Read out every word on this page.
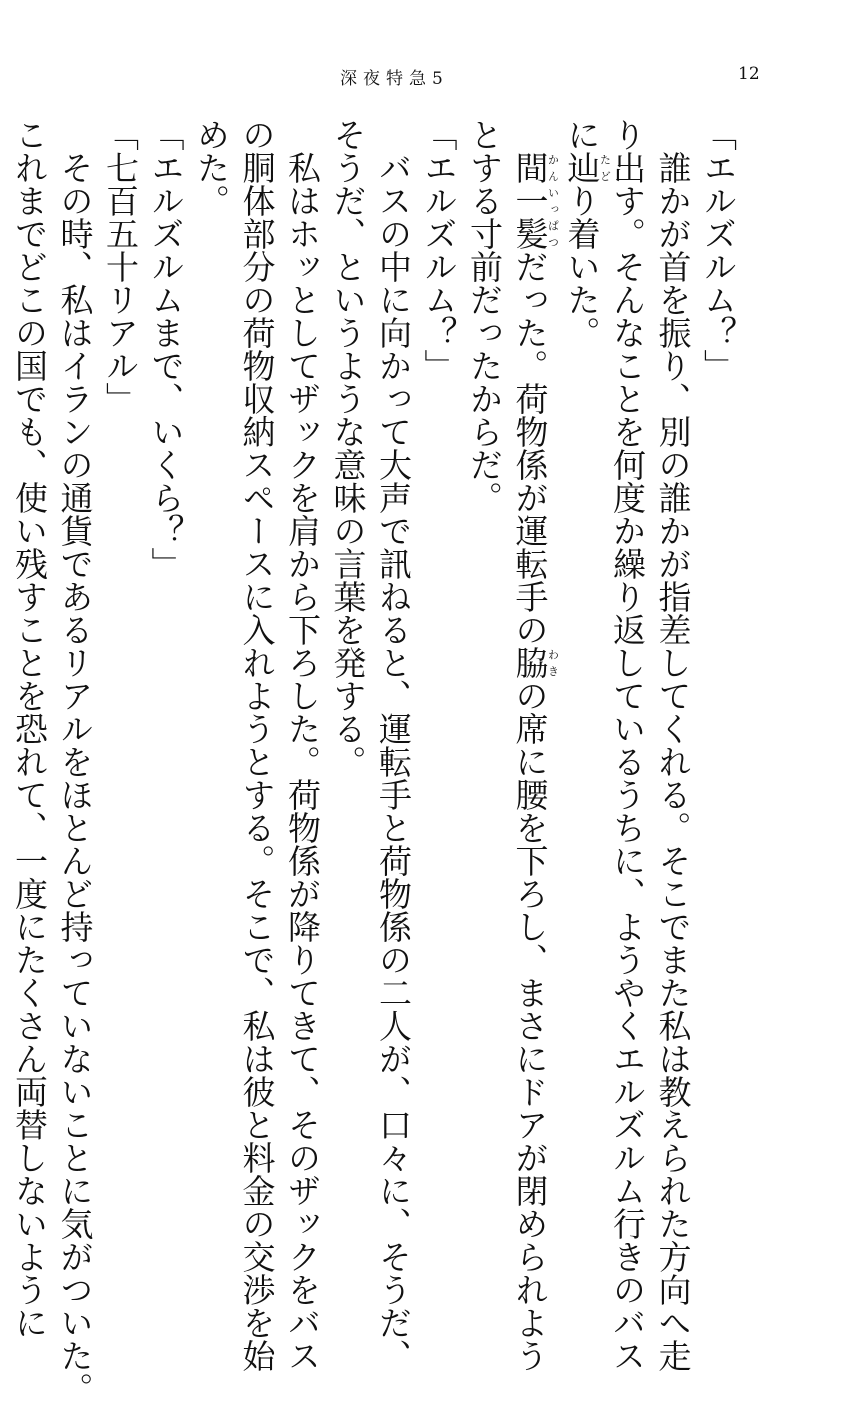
深夜特急5	12

「エルズルム？」

誰かが首を振り、別の誰かが指差してくれる。そこでまた私は教えられた方向へ走
り出す。そんなことを何度か繰り返しているうちに、ようやくエルズルム行きのバス
に辿たどり着いた。

間一髪かんいっぱつだった。荷物係が運転手の脇わきの席に腰を下ろし、まさにドアが閉められよう
とする寸前だったからだ。

「エルズルム？」

バスの中に向かって大声で訊ねると、運転手と荷物係の二人が、口々に、そうだ、

そうだ、というような意味の言葉を発する。

私はホッとしてザックを肩から下ろした。荷物係が降りてきて、そのザックをバス

の胴体部分の荷物収納スペースに入れようとする。そこで、私は彼と料金の交渉を始

めた。

「エルズルムまで、いくら？」

「七百五十リアル」

その時、私はイランの通貨であるリアルをほとんど持っていないことに気がついた。

これまでどこの国でも、使い残すことを恐れて、一度にたくさん両替しないように
